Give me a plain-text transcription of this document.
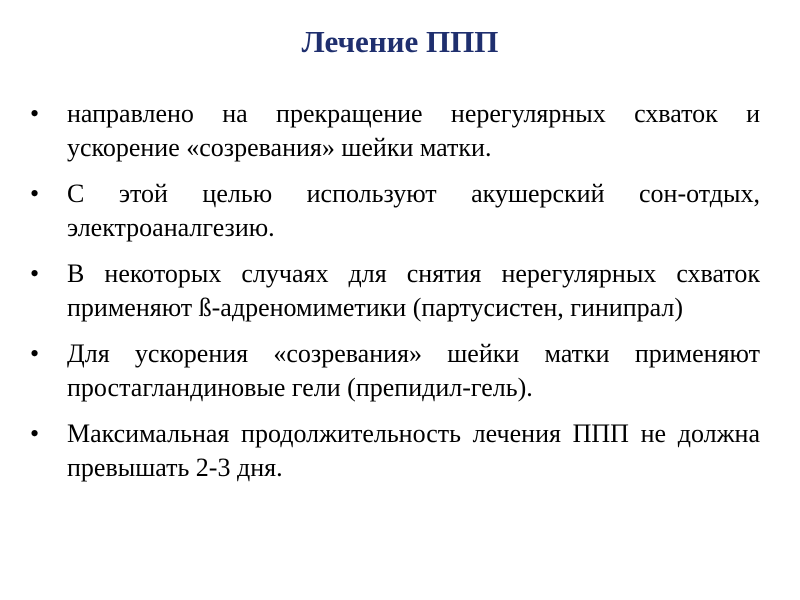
Лечение ППП
•	направлено на прекращение нерегулярных схваток и ускорение «созревания» шейки матки.
•	С этой целью используют акушерский сон-отдых, электроаналгезию.
•	В некоторых случаях для снятия нерегулярных схваток применяют ß-адреномиметики (партусистен, гинипрал)
•	Для ускорения «созревания» шейки матки применяют простагландиновые гели (препидил-гель).
•	Максимальная продолжительность лечения ППП не должна превышать 2-3 дня.
